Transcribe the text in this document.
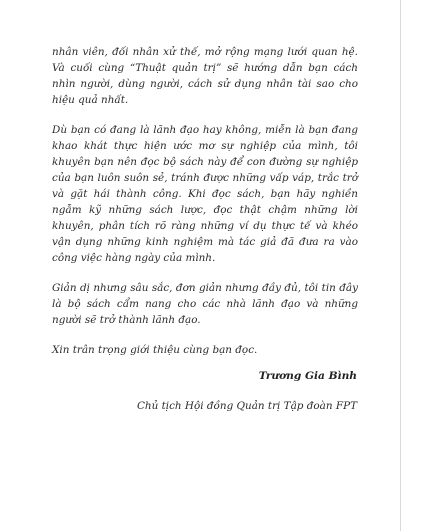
nhân viên, đối nhân xử thế, mở rộng mạng lưới quan hệ. Và cuối cùng “Thuật quản trị” sẽ hướng dẫn bạn cách nhìn người, dùng người, cách sử dụng nhân tài sao cho hiệu quả nhất.

Dù bạn có đang là lãnh đạo hay không, miễn là bạn đang khao khát thực hiện ước mơ sự nghiệp của mình, tôi khuyên bạn nên đọc bộ sách này để con đường sự nghiệp của bạn luôn suôn sẻ, tránh được những vấp váp, trắc trở và gặt hái thành công. Khi đọc sách, bạn hãy nghiền ngẫm kỹ những sách lược, đọc thật chậm những lời khuyên, phân tích rõ ràng những ví dụ thực tế và khéo vận dụng những kinh nghiệm mà tác giả đã đưa ra vào công việc hàng ngày của mình.

Giản dị nhưng sâu sắc, đơn giản nhưng đầy đủ, tôi tin đây là bộ sách cẩm nang cho các nhà lãnh đạo và những người sẽ trở thành lãnh đạo.

Xin trân trọng giới thiệu cùng bạn đọc.

Trương Gia Bình
Chủ tịch Hội đồng Quản trị Tập đoàn FPT
